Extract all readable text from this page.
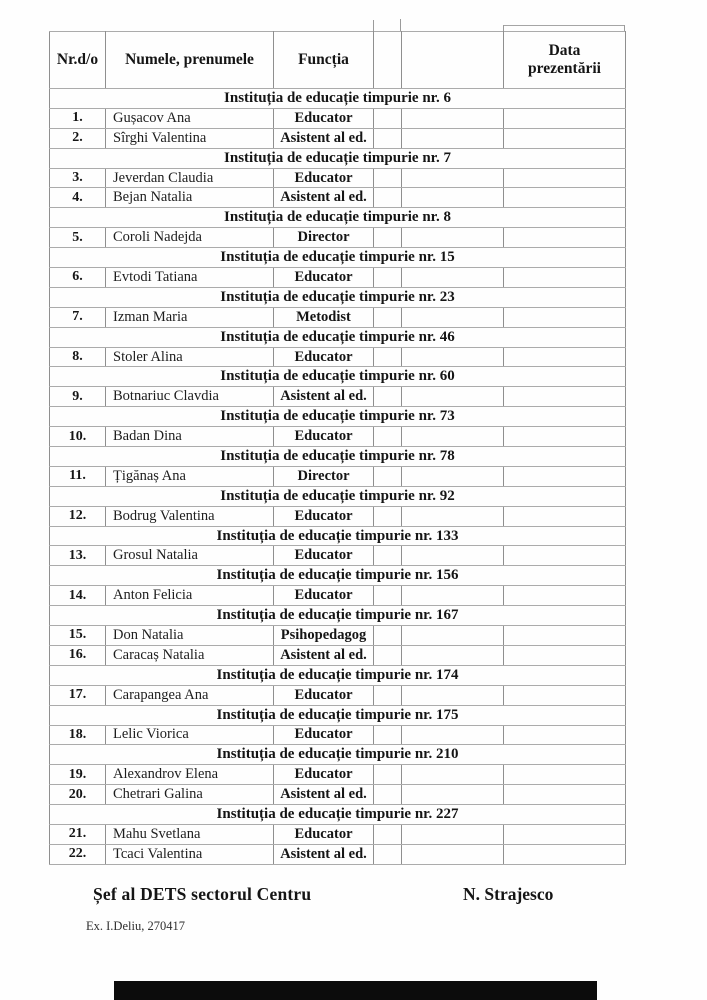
Nr.d/o	Numele, prenumele	Funcția			Data
prezentării
Instituția de educație timpurie nr. 6					
1.	Gușacov Ana	Educator			
2.	Sîrghi Valentina	Asistent al ed.			
Instituția de educație timpurie nr. 7					
3.	Jeverdan Claudia	Educator			
4.	Bejan Natalia	Asistent al ed.			
Instituția de educație timpurie nr. 8					
5.	Coroli Nadejda	Director			
Instituția de educație timpurie nr. 15					
6.	Evtodi Tatiana	Educator			
Instituția de educație timpurie nr. 23					
7.	Izman Maria	Metodist			
Instituția de educație timpurie nr. 46					
8.	Stoler Alina	Educator			
Instituția de educație timpurie nr. 60					
9.	Botnariuc Clavdia	Asistent al ed.			
Instituția de educație timpurie nr. 73					
10.	Badan Dina	Educator			
Instituția de educație timpurie nr. 78					
11.	Țigănaș Ana	Director			
Instituția de educație timpurie nr. 92					
12.	Bodrug Valentina	Educator			
Instituția de educație timpurie nr. 133					
13.	Grosul Natalia	Educator			
Instituția de educație timpurie nr. 156					
14.	Anton Felicia	Educator			
Instituția de educație timpurie nr. 167					
15.	Don Natalia	Psihopedagog			
16.	Caracaș Natalia	Asistent al ed.			
Instituția de educație timpurie nr. 174					
17.	Carapangea Ana	Educator			
Instituția de educație timpurie nr. 175					
18.	Lelic Viorica	Educator			
Instituția de educație timpurie nr. 210					
19.	Alexandrov Elena	Educator			
20.	Chetrari Galina	Asistent al ed.			
Instituția de educație timpurie nr. 227					
21.	Mahu Svetlana	Educator			
22.	Tcaci Valentina	Asistent al ed.			
Șef al DETS sectorul Centru	N. Strajesco
Ex. I.Deliu, 270417
